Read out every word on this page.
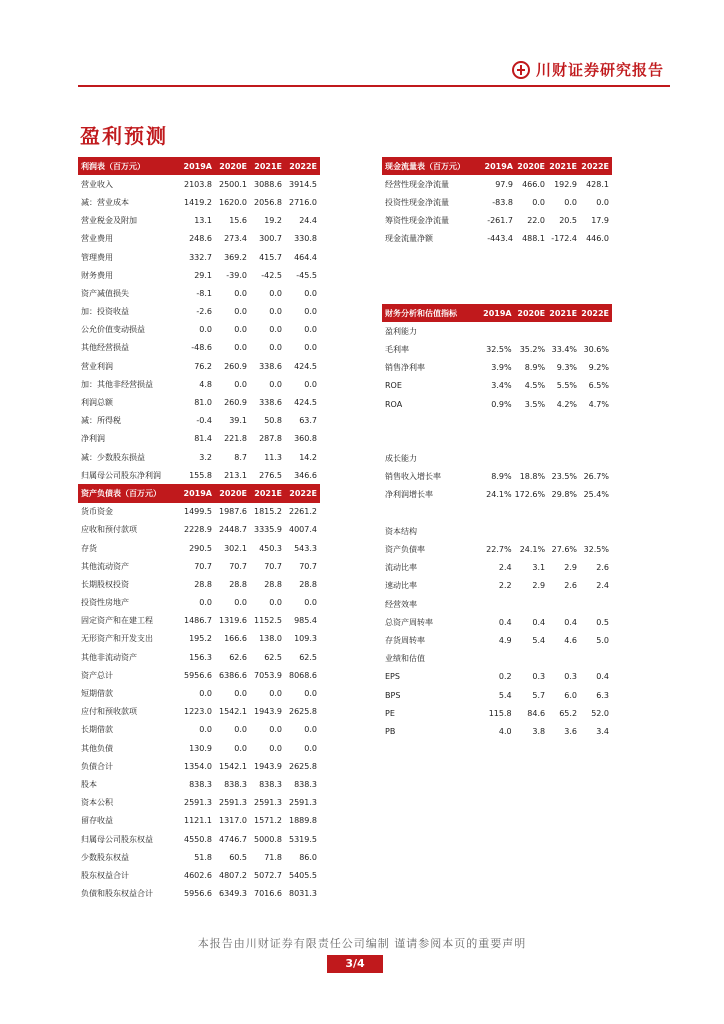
川财证券研究报告
盈利预测
利润表（百万元）	2019A	2020E	2021E	2022E
营业收入	2103.8	2500.1	3088.6	3914.5
减：营业成本	1419.2	1620.0	2056.8	2716.0
营业税金及附加	13.1	15.6	19.2	24.4
营业费用	248.6	273.4	300.7	330.8
管理费用	332.7	369.2	415.7	464.4
财务费用	29.1	-39.0	-42.5	-45.5
资产减值损失	-8.1	0.0	0.0	0.0
加：投资收益	-2.6	0.0	0.0	0.0
公允价值变动损益	0.0	0.0	0.0	0.0
其他经营损益	-48.6	0.0	0.0	0.0
营业利润	76.2	260.9	338.6	424.5
加：其他非经营损益	4.8	0.0	0.0	0.0
利润总额	81.0	260.9	338.6	424.5
减：所得税	-0.4	39.1	50.8	63.7
净利润	81.4	221.8	287.8	360.8
减：少数股东损益	3.2	8.7	11.3	14.2
归属母公司股东净利润	155.8	213.1	276.5	346.6
资产负债表（百万元）	2019A	2020E	2021E	2022E
货币资金	1499.5	1987.6	1815.2	2261.2
应收和预付款项	2228.9	2448.7	3335.9	4007.4
存货	290.5	302.1	450.3	543.3
其他流动资产	70.7	70.7	70.7	70.7
长期股权投资	28.8	28.8	28.8	28.8
投资性房地产	0.0	0.0	0.0	0.0
固定资产和在建工程	1486.7	1319.6	1152.5	985.4
无形资产和开发支出	195.2	166.6	138.0	109.3
其他非流动资产	156.3	62.6	62.5	62.5
资产总计	5956.6	6386.6	7053.9	8068.6
短期借款	0.0	0.0	0.0	0.0
应付和预收款项	1223.0	1542.1	1943.9	2625.8
长期借款	0.0	0.0	0.0	0.0
其他负债	130.9	0.0	0.0	0.0
负债合计	1354.0	1542.1	1943.9	2625.8
股本	838.3	838.3	838.3	838.3
资本公积	2591.3	2591.3	2591.3	2591.3
留存收益	1121.1	1317.0	1571.2	1889.8
归属母公司股东权益	4550.8	4746.7	5000.8	5319.5
少数股东权益	51.8	60.5	71.8	86.0
股东权益合计	4602.6	4807.2	5072.7	5405.5
负债和股东权益合计	5956.6	6349.3	7016.6	8031.3
现金流量表（百万元）	2019A	2020E	2021E	2022E
经营性现金净流量	97.9	466.0	192.9	428.1
投资性现金净流量	-83.8	0.0	0.0	0.0
筹资性现金净流量	-261.7	22.0	20.5	17.9
现金流量净额	-443.4	488.1	-172.4	446.0
财务分析和估值指标	2019A	2020E	2021E	2022E
盈利能力				
毛利率	32.5%	35.2%	33.4%	30.6%
销售净利率	3.9%	8.9%	9.3%	9.2%
ROE	3.4%	4.5%	5.5%	6.5%
ROA	0.9%	3.5%	4.2%	4.7%

成长能力				
销售收入增长率	8.9%	18.8%	23.5%	26.7%
净利润增长率	24.1%	172.6%	29.8%	25.4%

资本结构				
资产负债率	22.7%	24.1%	27.6%	32.5%
流动比率	2.4	3.1	2.9	2.6
速动比率	2.2	2.9	2.6	2.4
经营效率				
总资产周转率	0.4	0.4	0.4	0.5
存货周转率	4.9	5.4	4.6	5.0
业绩和估值				
EPS	0.2	0.3	0.3	0.4
BPS	5.4	5.7	6.0	6.3
PE	115.8	84.6	65.2	52.0
PB	4.0	3.8	3.6	3.4
本报告由川财证券有限责任公司编制 谨请参阅本页的重要声明
3/4
